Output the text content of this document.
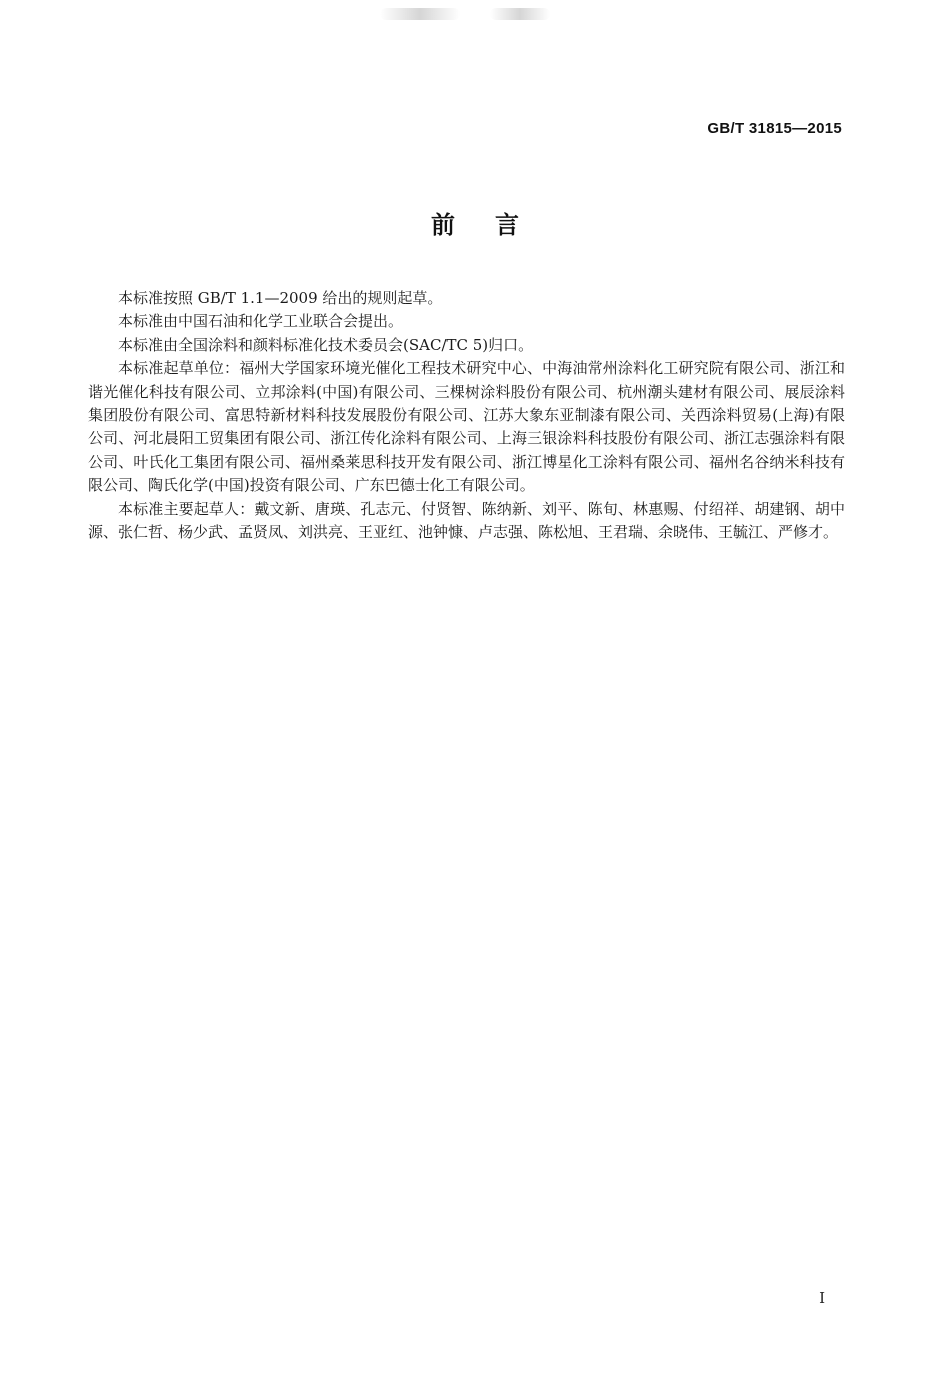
GB/T 31815—2015
前言

本标准按照 GB/T 1.1—2009 给出的规则起草。

本标准由中国石油和化学工业联合会提出。

本标准由全国涂料和颜料标准化技术委员会(SAC/TC 5)归口。

本标准起草单位：福州大学国家环境光催化工程技术研究中心、中海油常州涂料化工研究院有限公司、浙江和谐光催化科技有限公司、立邦涂料(中国)有限公司、三棵树涂料股份有限公司、杭州潮头建材有限公司、展辰涂料集团股份有限公司、富思特新材料科技发展股份有限公司、江苏大象东亚制漆有限公司、关西涂料贸易(上海)有限公司、河北晨阳工贸集团有限公司、浙江传化涂料有限公司、上海三银涂料科技股份有限公司、浙江志强涂料有限公司、叶氏化工集团有限公司、福州桑莱思科技开发有限公司、浙江博星化工涂料有限公司、福州名谷纳米科技有限公司、陶氏化学(中国)投资有限公司、广东巴德士化工有限公司。

本标准主要起草人：戴文新、唐瑛、孔志元、付贤智、陈纳新、刘平、陈旬、林惠赐、付绍祥、胡建钢、胡中源、张仁哲、杨少武、孟贤凤、刘洪亮、王亚红、池钟慷、卢志强、陈松旭、王君瑞、余晓伟、王毓江、严修才。

I
